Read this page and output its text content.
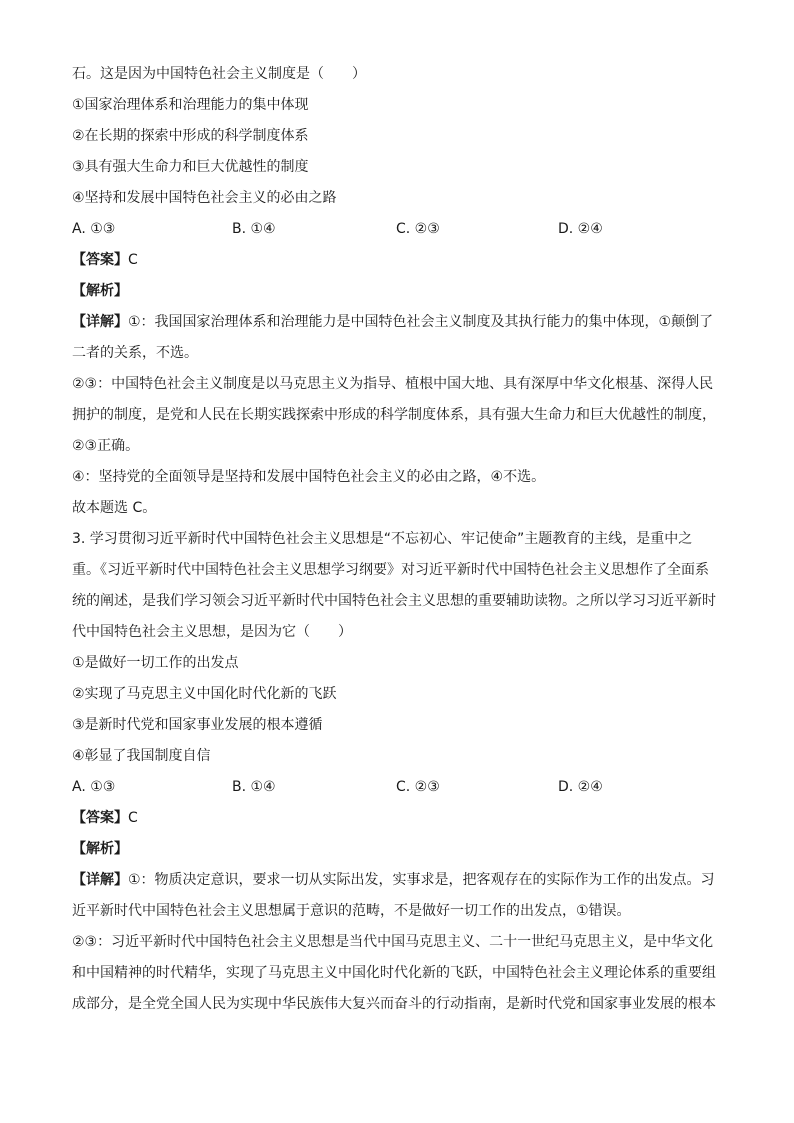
石。这是因为中国特色社会主义制度是（　　）
①国家治理体系和治理能力的集中体现
②在长期的探索中形成的科学制度体系
③具有强大生命力和巨大优越性的制度
④坚持和发展中国特色社会主义的必由之路
A. ①③	B. ①④	C. ②③	D. ②④
【答案】C
【解析】
【详解】①：我国国家治理体系和治理能力是中国特色社会主义制度及其执行能力的集中体现，①颠倒了
二者的关系，不选。
②③：中国特色社会主义制度是以马克思主义为指导、植根中国大地、具有深厚中华文化根基、深得人民
拥护的制度，是党和人民在长期实践探索中形成的科学制度体系，具有强大生命力和巨大优越性的制度，
②③正确。
④：坚持党的全面领导是坚持和发展中国特色社会主义的必由之路，④不选。
故本题选 C。
3. 学习贯彻习近平新时代中国特色社会主义思想是“不忘初心、牢记使命”主题教育的主线，是重中之
重。《习近平新时代中国特色社会主义思想学习纲要》对习近平新时代中国特色社会主义思想作了全面系
统的阐述，是我们学习领会习近平新时代中国特色社会主义思想的重要辅助读物。之所以学习习近平新时
代中国特色社会主义思想，是因为它（　　）
①是做好一切工作的出发点
②实现了马克思主义中国化时代化新的飞跃
③是新时代党和国家事业发展的根本遵循
④彰显了我国制度自信
A. ①③	B. ①④	C. ②③	D. ②④
【答案】C
【解析】
【详解】①：物质决定意识，要求一切从实际出发，实事求是，把客观存在的实际作为工作的出发点。习
近平新时代中国特色社会主义思想属于意识的范畴，不是做好一切工作的出发点，①错误。
②③：习近平新时代中国特色社会主义思想是当代中国马克思主义、二十一世纪马克思主义，是中华文化
和中国精神的时代精华，实现了马克思主义中国化时代化新的飞跃，中国特色社会主义理论体系的重要组
成部分，是全党全国人民为实现中华民族伟大复兴而奋斗的行动指南，是新时代党和国家事业发展的根本
